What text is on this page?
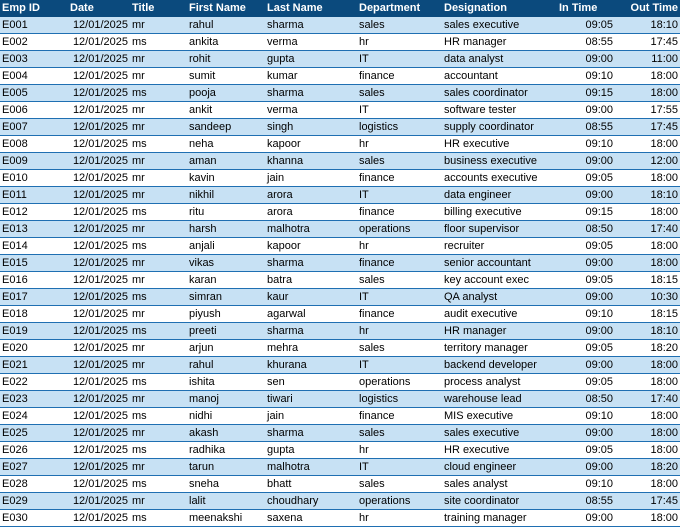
Emp ID	Date	Title	First Name	Last Name	Department	Designation	In Time	Out Time
E001	12/01/2025	mr	rahul	sharma	sales	sales executive	09:05	18:10
E002	12/01/2025	ms	ankita	verma	hr	HR manager	08:55	17:45
E003	12/01/2025	mr	rohit	gupta	IT	data analyst	09:00	11:00
E004	12/01/2025	mr	sumit	kumar	finance	accountant	09:10	18:00
E005	12/01/2025	ms	pooja	sharma	sales	sales coordinator	09:15	18:00
E006	12/01/2025	mr	ankit	verma	IT	software tester	09:00	17:55
E007	12/01/2025	mr	sandeep	singh	logistics	supply coordinator	08:55	17:45
E008	12/01/2025	ms	neha	kapoor	hr	HR executive	09:10	18:00
E009	12/01/2025	mr	aman	khanna	sales	business executive	09:00	12:00
E010	12/01/2025	mr	kavin	jain	finance	accounts executive	09:05	18:00
E011	12/01/2025	mr	nikhil	arora	IT	data engineer	09:00	18:10
E012	12/01/2025	ms	ritu	arora	finance	billing executive	09:15	18:00
E013	12/01/2025	mr	harsh	malhotra	operations	floor supervisor	08:50	17:40
E014	12/01/2025	ms	anjali	kapoor	hr	recruiter	09:05	18:00
E015	12/01/2025	mr	vikas	sharma	finance	senior accountant	09:00	18:00
E016	12/01/2025	mr	karan	batra	sales	key account exec	09:05	18:15
E017	12/01/2025	ms	simran	kaur	IT	QA analyst	09:00	10:30
E018	12/01/2025	mr	piyush	agarwal	finance	audit executive	09:10	18:15
E019	12/01/2025	ms	preeti	sharma	hr	HR manager	09:00	18:10
E020	12/01/2025	mr	arjun	mehra	sales	territory manager	09:05	18:20
E021	12/01/2025	mr	rahul	khurana	IT	backend developer	09:00	18:00
E022	12/01/2025	ms	ishita	sen	operations	process analyst	09:05	18:00
E023	12/01/2025	mr	manoj	tiwari	logistics	warehouse lead	08:50	17:40
E024	12/01/2025	ms	nidhi	jain	finance	MIS executive	09:10	18:00
E025	12/01/2025	mr	akash	sharma	sales	sales executive	09:00	18:00
E026	12/01/2025	ms	radhika	gupta	hr	HR executive	09:05	18:00
E027	12/01/2025	mr	tarun	malhotra	IT	cloud engineer	09:00	18:20
E028	12/01/2025	ms	sneha	bhatt	sales	sales analyst	09:10	18:00
E029	12/01/2025	mr	lalit	choudhary	operations	site coordinator	08:55	17:45
E030	12/01/2025	ms	meenakshi	saxena	hr	training manager	09:00	18:00
